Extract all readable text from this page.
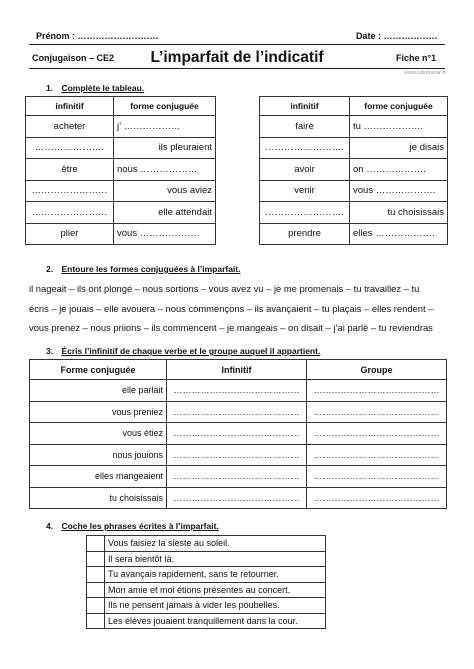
Prénom : ………………………	Date : ………………
Conjugaison – CE2	L’imparfait de l’indicatif	Fiche n°1
www.lutinbazar.fr
1. Complète le tableau.
infinitif	forme conjuguée
acheter	j’ ………………
………………….	ils pleuraient
être	nous ………………
……………………	vous aviez
……………………	elle attendait
plier	vous ……………….
infinitif	forme conjuguée
faire	tu ……………….
…………………….	je disais
avoir	on ……………….
venir	vous ……………….
…………………….	tu choisissais
prendre	elles ……………….
2. Entoure les formes conjuguées à l’imparfait.
il nageait – ils ont plongé – nous sortions – vous avez vu – je me promenais – tu travaillez – tu
écris – je jouais – elle avouera – nous commençons – ils avançaient – tu plaçais – elles rendent –
vous prenez – nous priions – ils commencent – je mangeais – on disait – j’ai parlé – tu reviendras
3. Écris l’infinitif de chaque verbe et le groupe auquel il appartient.
Forme conjuguée	Infinitif	Groupe
elle parlait	……………………………………	……………………………………
vous preniez	……………………………………	……………………………………
vous étiez	……………………………………	……………………………………
nous jouions	……………………………………	……………………………………
elles mangeaient	……………………………………	……………………………………
tu choisissais	……………………………………	……………………………………
4. Coche les phrases écrites à l’imparfait.
	Vous faisiez la sieste au soleil.
	Il sera bientôt là.
	Tu avançais rapidement, sans te retourner.
	Mon amie et moi étions présentes au concert.
	Ils ne pensent jamais à vider les poubelles.
	Les élèves jouaient tranquillement dans la cour.
